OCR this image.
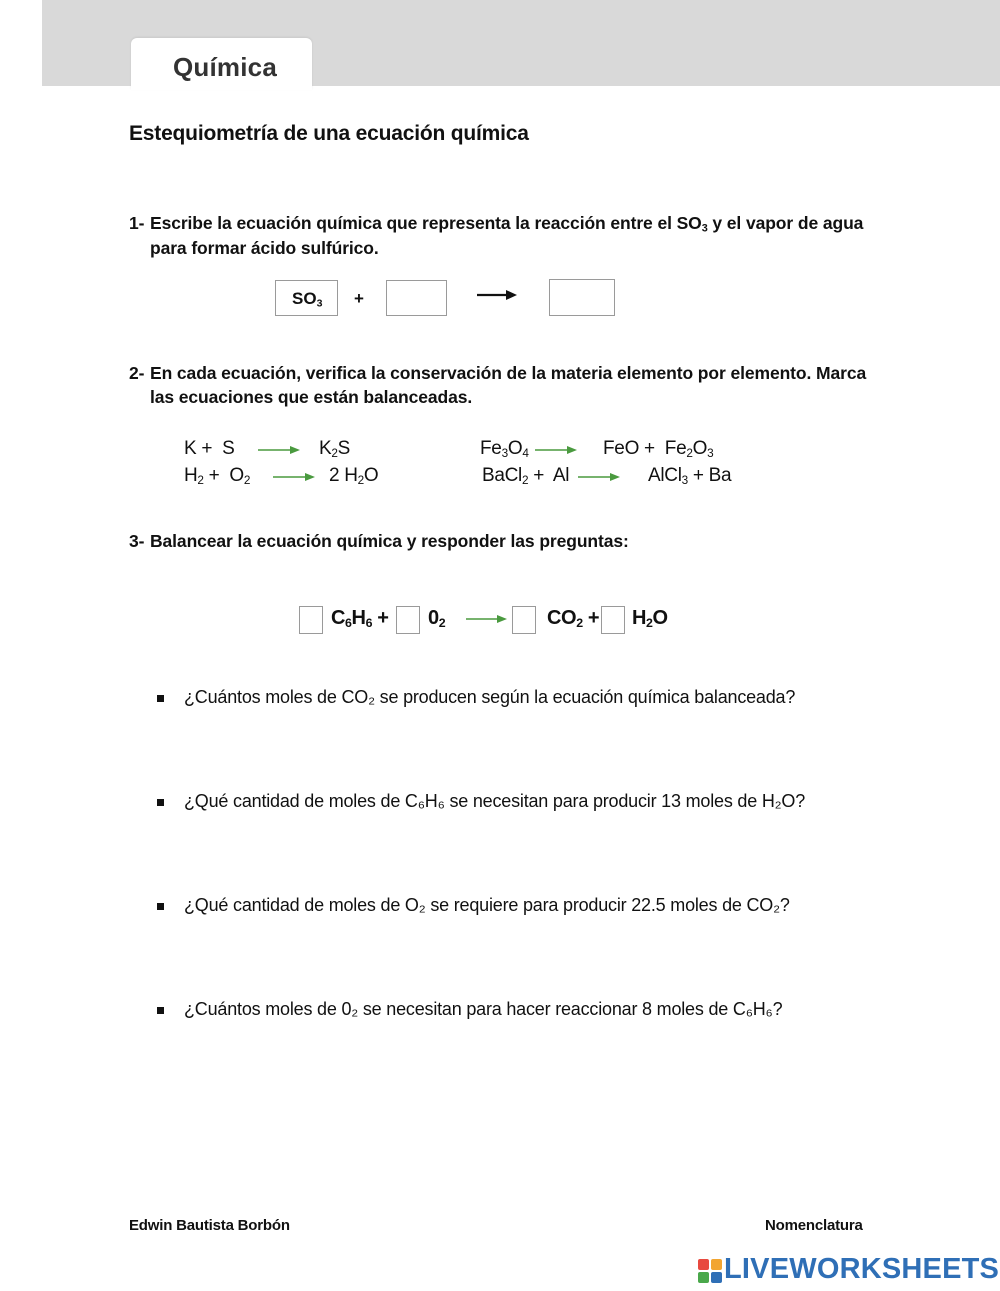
Química
Estequiometría de una ecuación química
1- Escribe la ecuación química que representa la reacción entre el $SO_3$ y el vapor de agua
para formar ácido sulfúrico.
$SO_3$ +
2- En cada ecuación, verifica la conservación de la materia elemento por elemento. Marca
las ecuaciones que están balanceadas.
K +  S	$K_2S$
$H_2 + O_2$	2 $H_2O$
$Fe_3O_4$	FeO +  $Fe_2O_3$
BaCl$_2$ +  Al	AlCl$_3$ + Ba
3- Balancear la ecuación química y responder las preguntas:
$C_6H_6 + 0_2$	$CO_2 + H_2O$
¿Cuántos moles de CO₂ se producen según la ecuación química balanceada?
¿Qué cantidad de moles de C₆H₆ se necesitan para producir 13 moles de H₂O?
¿Qué cantidad de moles de O₂ se requiere para producir 22.5 moles de CO₂?
¿Cuántos moles de 0₂ se necesitan para hacer reaccionar 8 moles de C₆H₆?
Edwin Bautista Borbón	Nomenclatura
LIVEWORKSHEETS
